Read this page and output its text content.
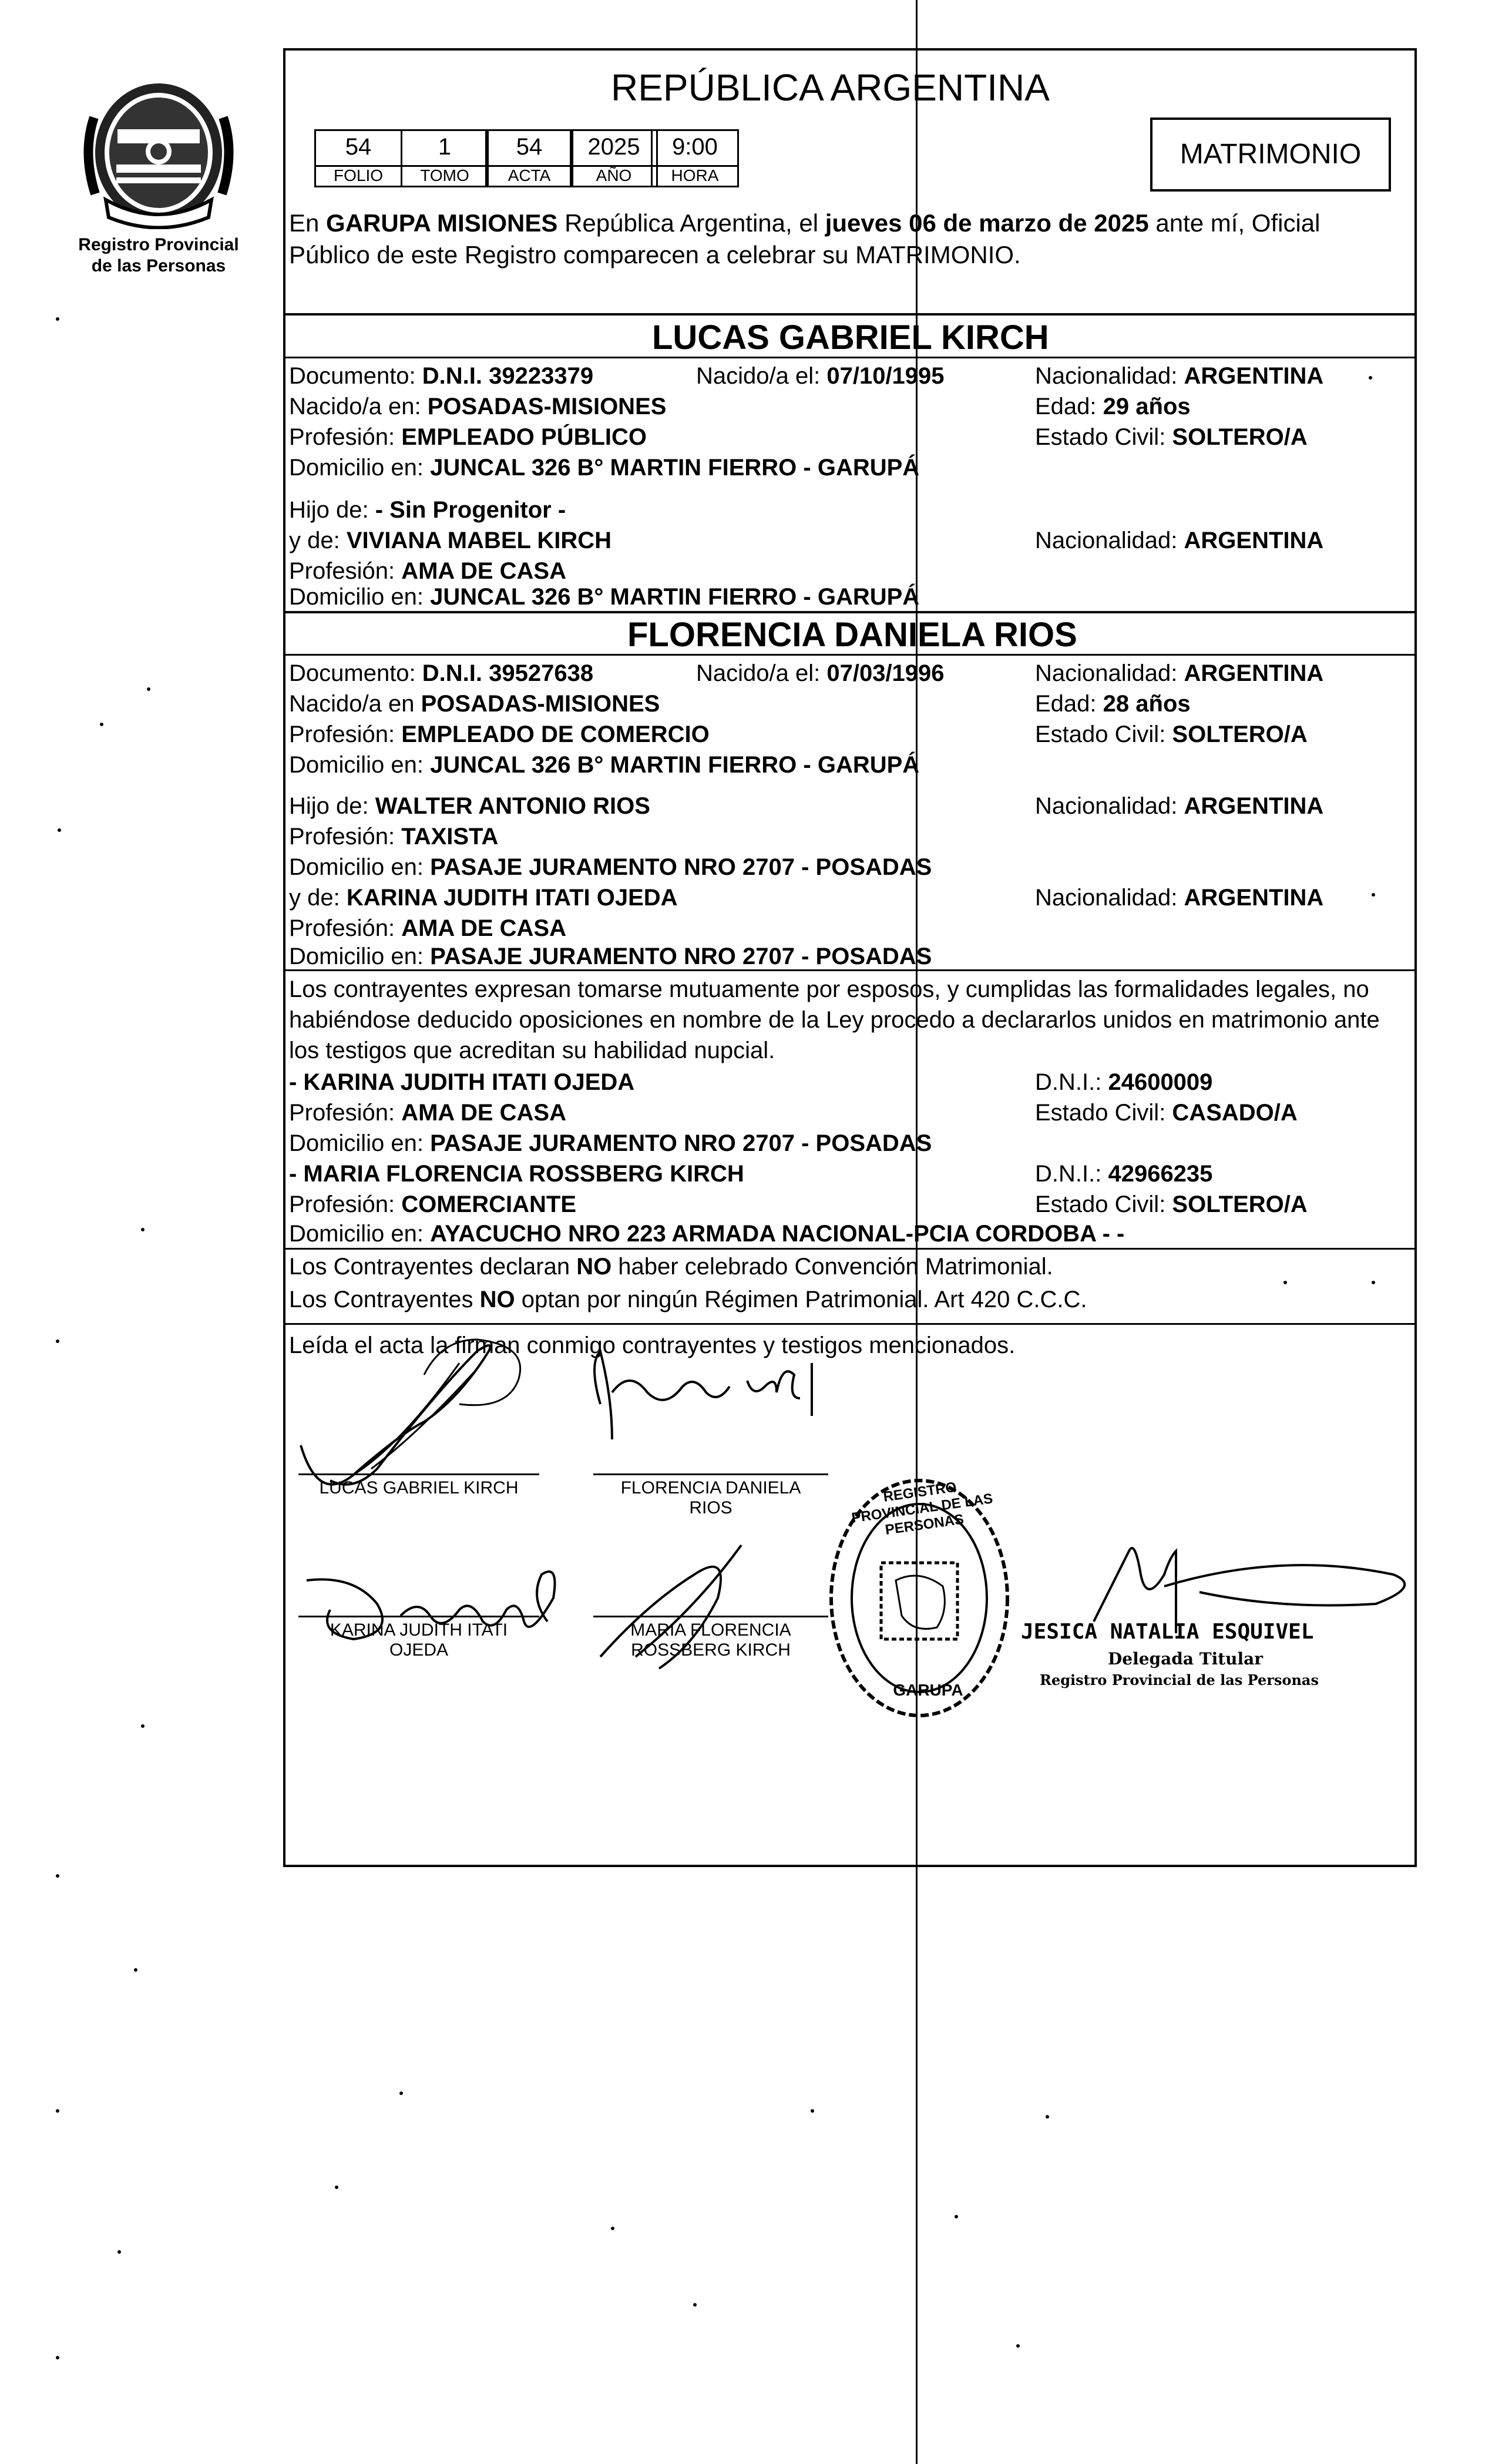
Registro Provincial
de las Personas
REPÚBLICA ARGENTINA
MATRIMONIO
54
FOLIO
1
TOMO
54
ACTA
2025
AÑO
9:00
HORA
En GARUPA MISIONES República Argentina, el jueves 06 de marzo de 2025 ante mí, Oficial
Público de este Registro comparecen a celebrar su MATRIMONIO.
LUCAS GABRIEL KIRCH
Documento: D.N.I. 39223379	Nacido/a el: 07/10/1995	Nacionalidad: ARGENTINA
Nacido/a en: POSADAS-MISIONES	Edad: 29 años
Profesión: EMPLEADO PÚBLICO	Estado Civil: SOLTERO/A
Domicilio en: JUNCAL 326 B° MARTIN FIERRO - GARUPÁ
Hijo de: - Sin Progenitor -
y de: VIVIANA MABEL KIRCH	Nacionalidad: ARGENTINA
Profesión: AMA DE CASA
Domicilio en: JUNCAL 326 B° MARTIN FIERRO - GARUPÁ
FLORENCIA DANIELA RIOS
Documento: D.N.I. 39527638	Nacido/a el: 07/03/1996	Nacionalidad: ARGENTINA
Nacido/a en POSADAS-MISIONES	Edad: 28 años
Profesión: EMPLEADO DE COMERCIO	Estado Civil: SOLTERO/A
Domicilio en: JUNCAL 326 B° MARTIN FIERRO - GARUPÁ
Hijo de: WALTER ANTONIO RIOS	Nacionalidad: ARGENTINA
Profesión: TAXISTA
Domicilio en: PASAJE JURAMENTO NRO 2707 - POSADAS
y de: KARINA JUDITH ITATI OJEDA	Nacionalidad: ARGENTINA
Profesión: AMA DE CASA
Domicilio en: PASAJE JURAMENTO NRO 2707 - POSADAS
Los contrayentes expresan tomarse mutuamente por esposos, y cumplidas las formalidades legales, no
habiéndose deducido oposiciones en nombre de la Ley procedo a declararlos unidos en matrimonio ante
los testigos que acreditan su habilidad nupcial.
- KARINA JUDITH ITATI OJEDA	D.N.I.: 24600009
Profesión: AMA DE CASA	Estado Civil: CASADO/A
Domicilio en: PASAJE JURAMENTO NRO 2707 - POSADAS
- MARIA FLORENCIA ROSSBERG KIRCH	D.N.I.: 42966235
Profesión: COMERCIANTE	Estado Civil: SOLTERO/A
Domicilio en: AYACUCHO NRO 223 ARMADA NACIONAL-PCIA CORDOBA - -
Los Contrayentes declaran NO haber celebrado Convención Matrimonial.
Los Contrayentes NO optan por ningún Régimen Patrimonial. Art 420 C.C.C.
Leída el acta la firman conmigo contrayentes y testigos mencionados.
LUCAS GABRIEL KIRCH	FLORENCIA DANIELA
RIOS
KARINA JUDITH ITATI
OJEDA
MARIA FLORENCIA
ROSSBERG KIRCH
REGISTRO PROVINCIAL DE LAS PERSONAS
GARUPA
JESICA NATALIA ESQUIVEL
Delegada Titular
Registro Provincial de las Personas
